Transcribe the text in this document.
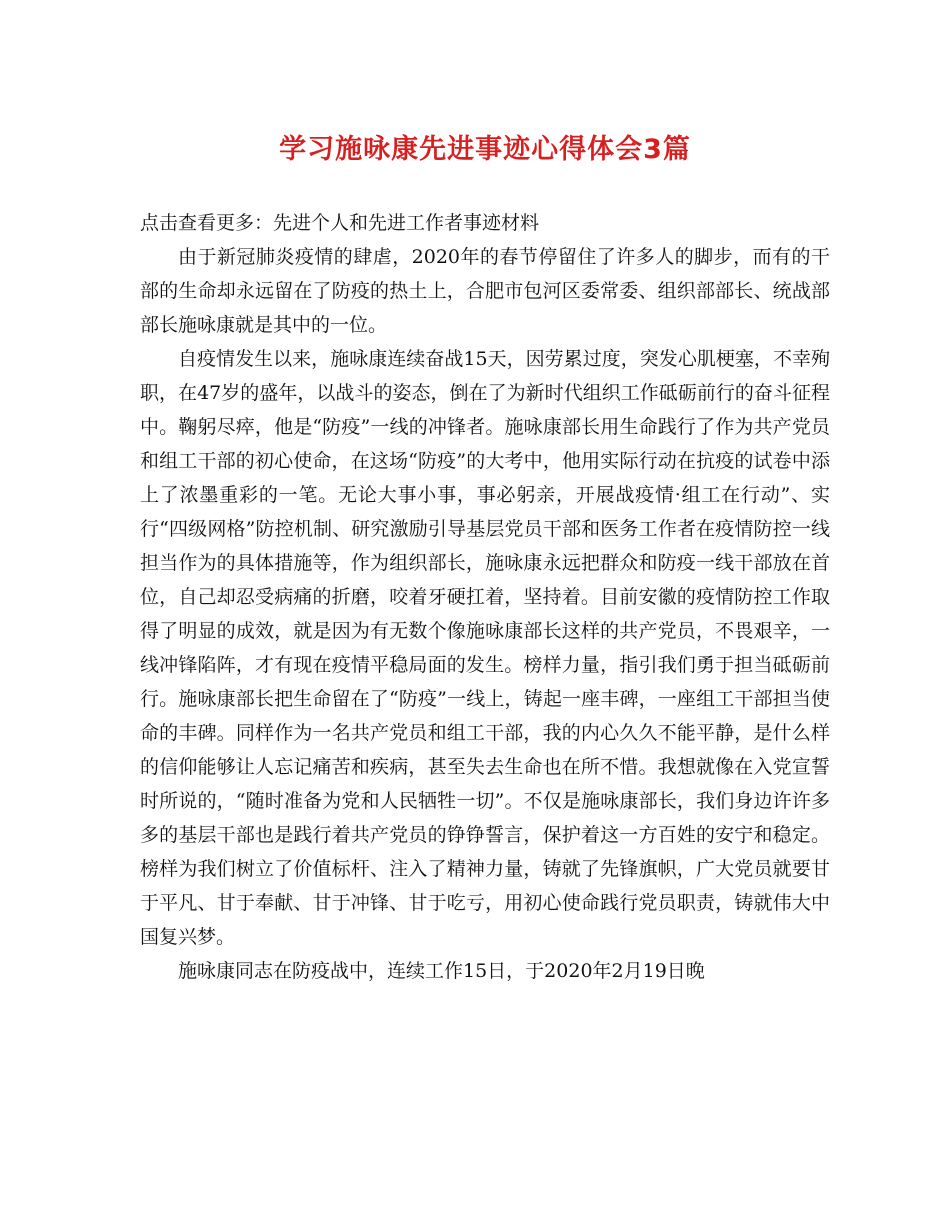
学习施咏康先进事迹心得体会3篇
点击查看更多：先进个人和先进工作者事迹材料

由于新冠肺炎疫情的肆虐，2020年的春节停留住了许多人的脚步，而有的干部的生命却永远留在了防疫的热土上，合肥市包河区委常委、组织部部长、统战部部长施咏康就是其中的一位。

自疫情发生以来，施咏康连续奋战15天，因劳累过度，突发心肌梗塞，不幸殉职，在47岁的盛年，以战斗的姿态，倒在了为新时代组织工作砥砺前行的奋斗征程中。鞠躬尽瘁，他是“防疫”一线的冲锋者。施咏康部长用生命践行了作为共产党员和组工干部的初心使命，在这场“防疫”的大考中，他用实际行动在抗疫的试卷中添上了浓墨重彩的一笔。无论大事小事，事必躬亲，开展战疫情·组工在行动”、实行“四级网格”防控机制、研究激励引导基层党员干部和医务工作者在疫情防控一线担当作为的具体措施等，作为组织部长，施咏康永远把群众和防疫一线干部放在首位，自己却忍受病痛的折磨，咬着牙硬扛着，坚持着。目前安徽的疫情防控工作取得了明显的成效，就是因为有无数个像施咏康部长这样的共产党员，不畏艰辛，一线冲锋陷阵，才有现在疫情平稳局面的发生。榜样力量，指引我们勇于担当砥砺前行。施咏康部长把生命留在了“防疫”一线上，铸起一座丰碑，一座组工干部担当使命的丰碑。同样作为一名共产党员和组工干部，我的内心久久不能平静，是什么样的信仰能够让人忘记痛苦和疾病，甚至失去生命也在所不惜。我想就像在入党宣誓时所说的，“随时准备为党和人民牺牲一切”。不仅是施咏康部长，我们身边许许多多的基层干部也是践行着共产党员的铮铮誓言，保护着这一方百姓的安宁和稳定。榜样为我们树立了价值标杆、注入了精神力量，铸就了先锋旗帜，广大党员就要甘于平凡、甘于奉献、甘于冲锋、甘于吃亏，用初心使命践行党员职责，铸就伟大中国复兴梦。

施咏康同志在防疫战中，连续工作15日，于2020年2月19日晚
